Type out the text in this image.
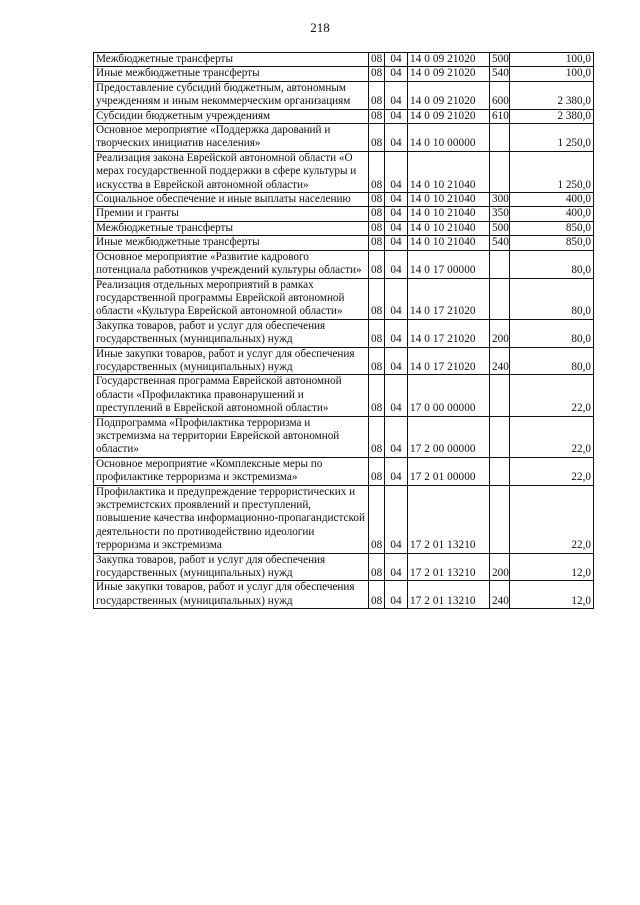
218
Межбюджетные трансферты	08	04	14 0 09 21020	500	100,0
Иные межбюджетные трансферты	08	04	14 0 09 21020	540	100,0
Предоставление субсидий бюджетным, автономным учреждениям и иным некоммерческим организациям	08	04	14 0 09 21020	600	2 380,0
Субсидии бюджетным учреждениям	08	04	14 0 09 21020	610	2 380,0
Основное мероприятие «Поддержка дарований и творческих инициатив населения»	08	04	14 0 10 00000		1 250,0
Реализация закона Еврейской автономной области «О мерах государственной поддержки в сфере культуры и искусства в Еврейской автономной области»	08	04	14 0 10 21040		1 250,0
Социальное обеспечение и иные выплаты населению	08	04	14 0 10 21040	300	400,0
Премии и гранты	08	04	14 0 10 21040	350	400,0
Межбюджетные трансферты	08	04	14 0 10 21040	500	850,0
Иные межбюджетные трансферты	08	04	14 0 10 21040	540	850,0
Основное мероприятие «Развитие кадрового потенциала работников учреждений культуры области»	08	04	14 0 17 00000		80,0
Реализация отдельных мероприятий в рамках государственной программы Еврейской автономной области «Культура Еврейской автономной области»	08	04	14 0 17 21020		80,0
Закупка товаров, работ и услуг для обеспечения государственных (муниципальных) нужд	08	04	14 0 17 21020	200	80,0
Иные закупки товаров, работ и услуг для обеспечения государственных (муниципальных) нужд	08	04	14 0 17 21020	240	80,0
Государственная программа Еврейской автономной области «Профилактика правонарушений и преступлений в Еврейской автономной области»	08	04	17 0 00 00000		22,0
Подпрограмма «Профилактика терроризма и экстремизма на территории Еврейской автономной области»	08	04	17 2 00 00000		22,0
Основное мероприятие «Комплексные меры по профилактике терроризма и экстремизма»	08	04	17 2 01 00000		22,0
Профилактика и предупреждение террористических и экстремистских проявлений и преступлений, повышение качества информационно-пропагандистской деятельности по противодействию идеологии терроризма и экстремизма	08	04	17 2 01 13210		22,0
Закупка товаров, работ и услуг для обеспечения государственных (муниципальных) нужд	08	04	17 2 01 13210	200	12,0
Иные закупки товаров, работ и услуг для обеспечения государственных (муниципальных) нужд	08	04	17 2 01 13210	240	12,0
